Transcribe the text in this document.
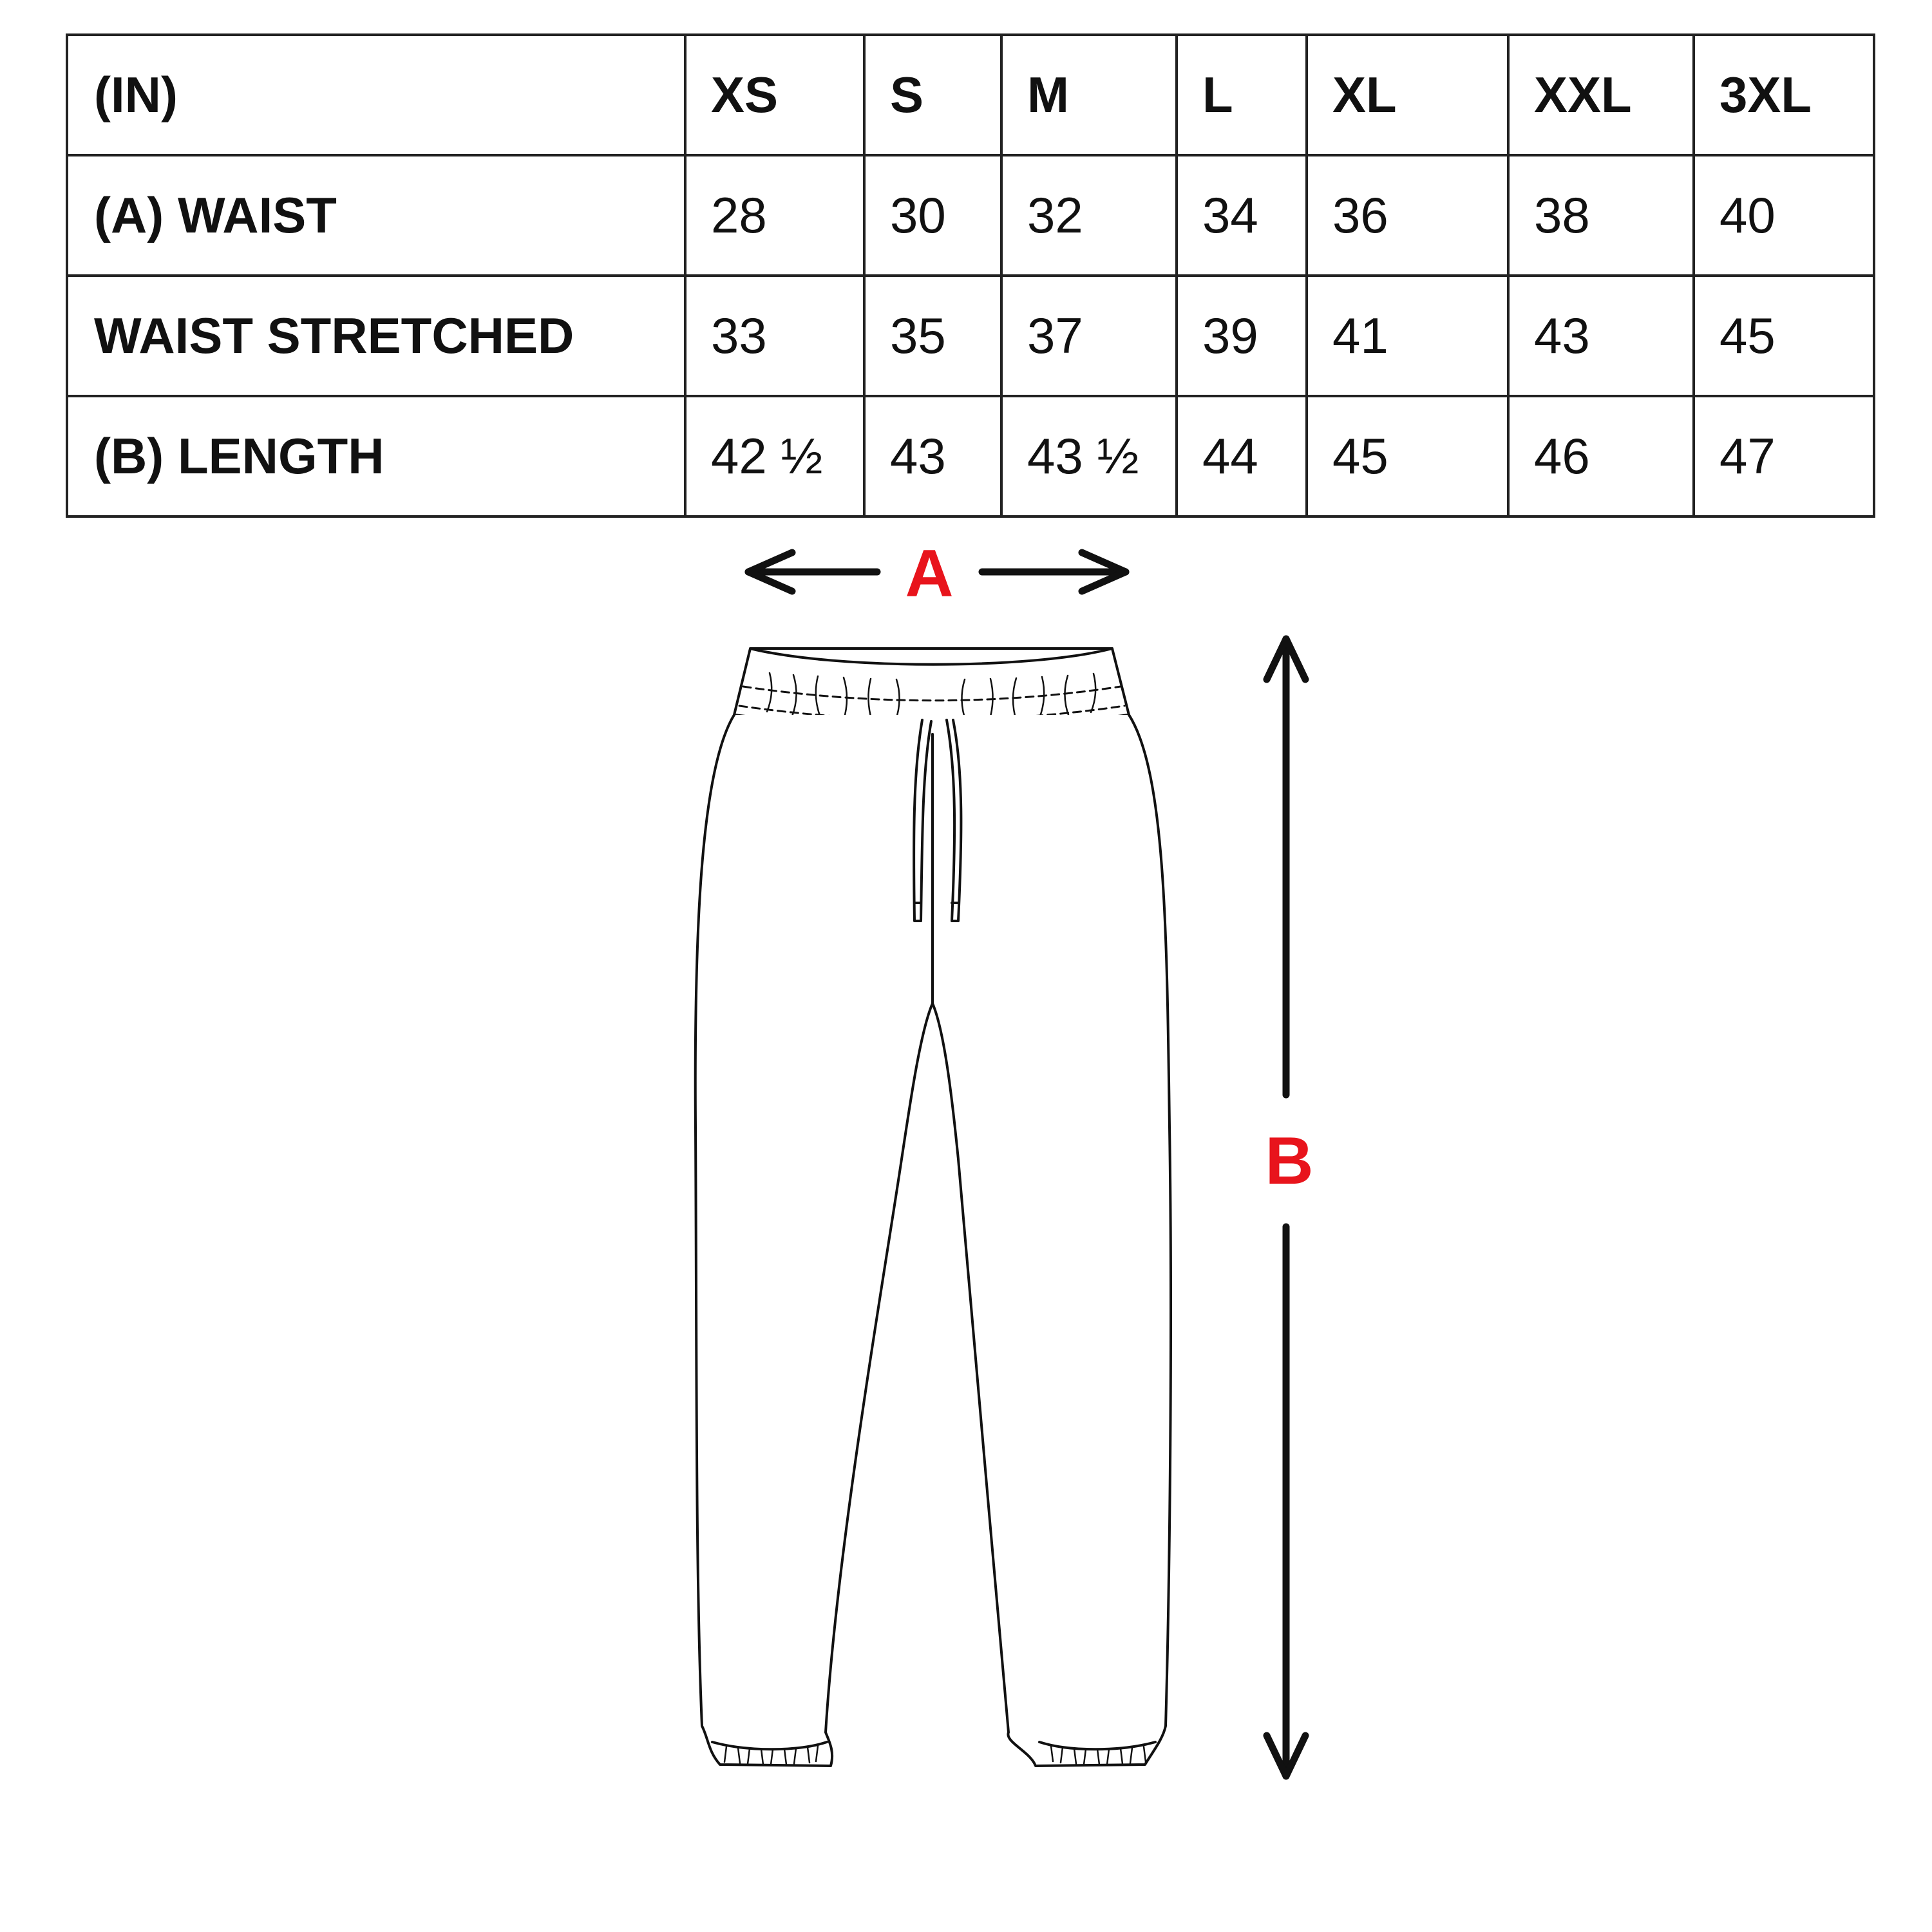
(IN)	XS	S	M	L	XL	XXL	3XL
(A) WAIST	28	30	32	34	36	38	40
WAIST STRETCHED	33	35	37	39	41	43	45
(B) LENGTH	42 ½	43	43 ½	44	45	46	47
A
B
